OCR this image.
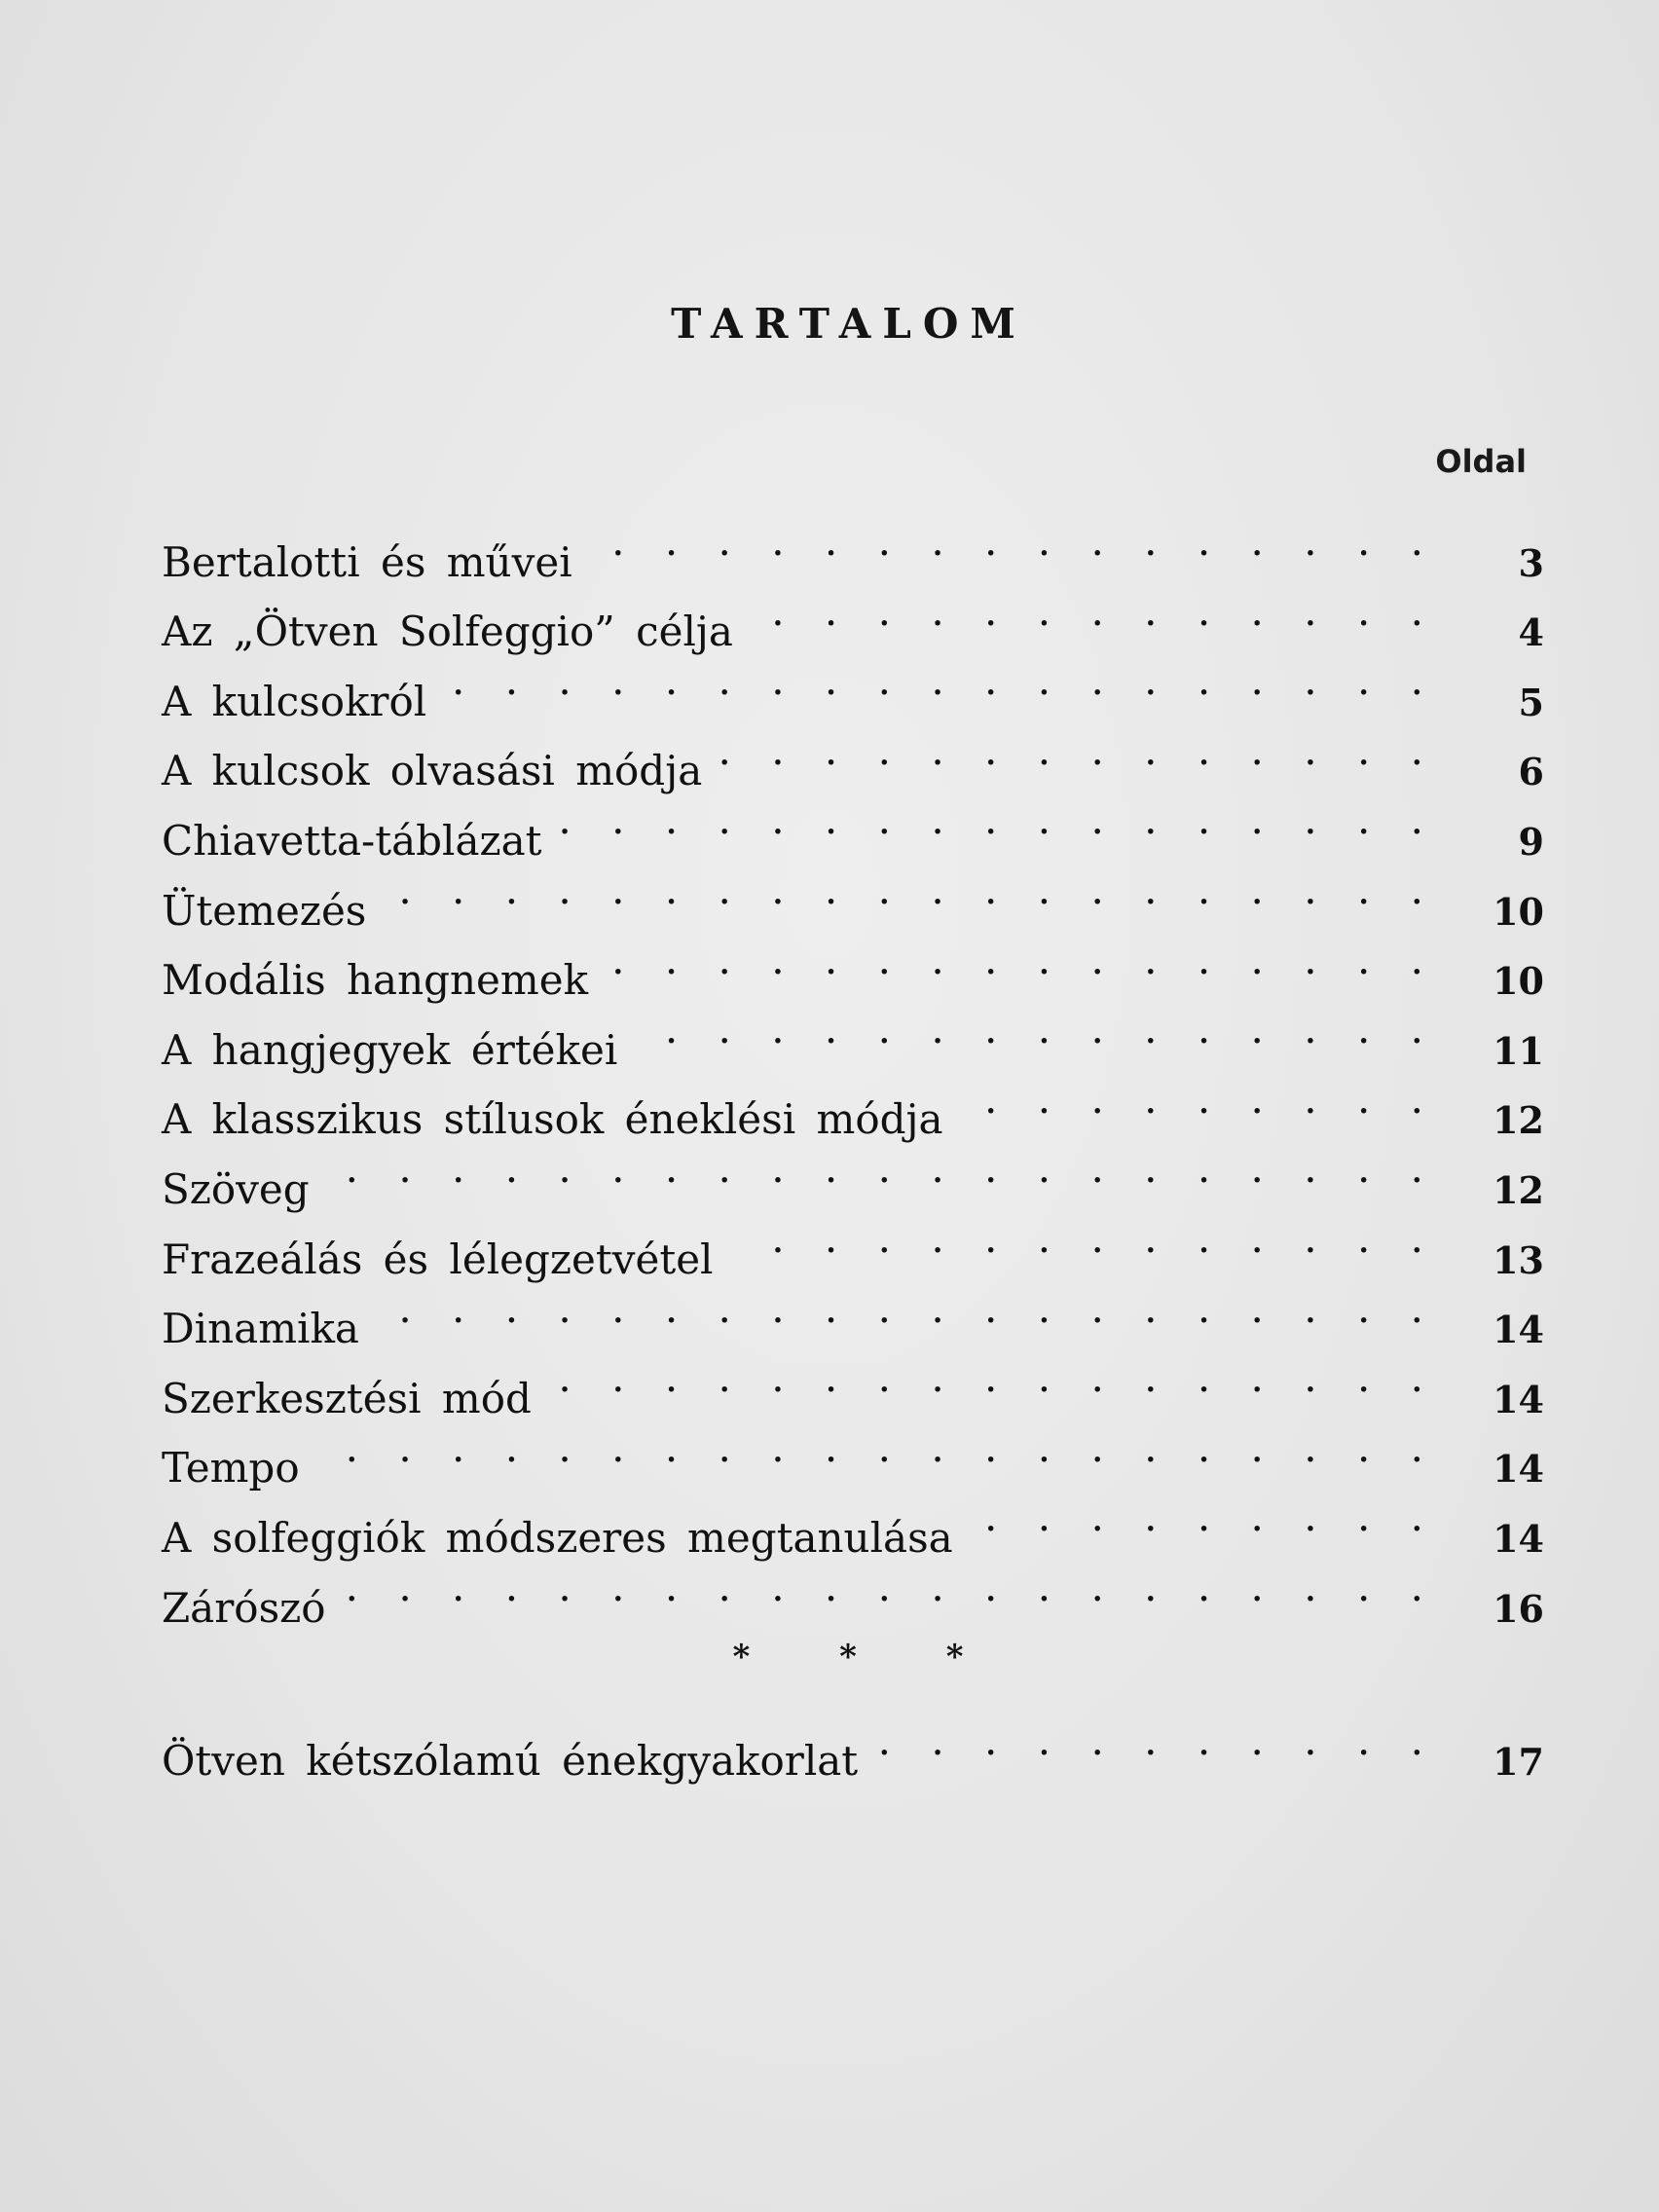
TARTALOM
Oldal
Bertalotti és művei . . .	3
Az „Ötven Solfeggio” célja . . .	4
A kulcsokról . . .	5
A kulcsok olvasási módja . . .	6
Chiavetta-táblázat . . .	9
Ütemezés . . .	10
Modális hangnemek . . .	10
A hangjegyek értékei . . .	11
A klasszikus stílusok éneklési módja . . .	12
Szöveg . . .	12
Frazeálás és lélegzetvétel . . .	13
Dinamika . . .	14
Szerkesztési mód . . .	14
Tempo . . .	14
A solfeggiók módszeres megtanulása . . .	14
Zárószó . . .	16
* * *
Ötven kétszólamú énekgyakorlat . . .	17
